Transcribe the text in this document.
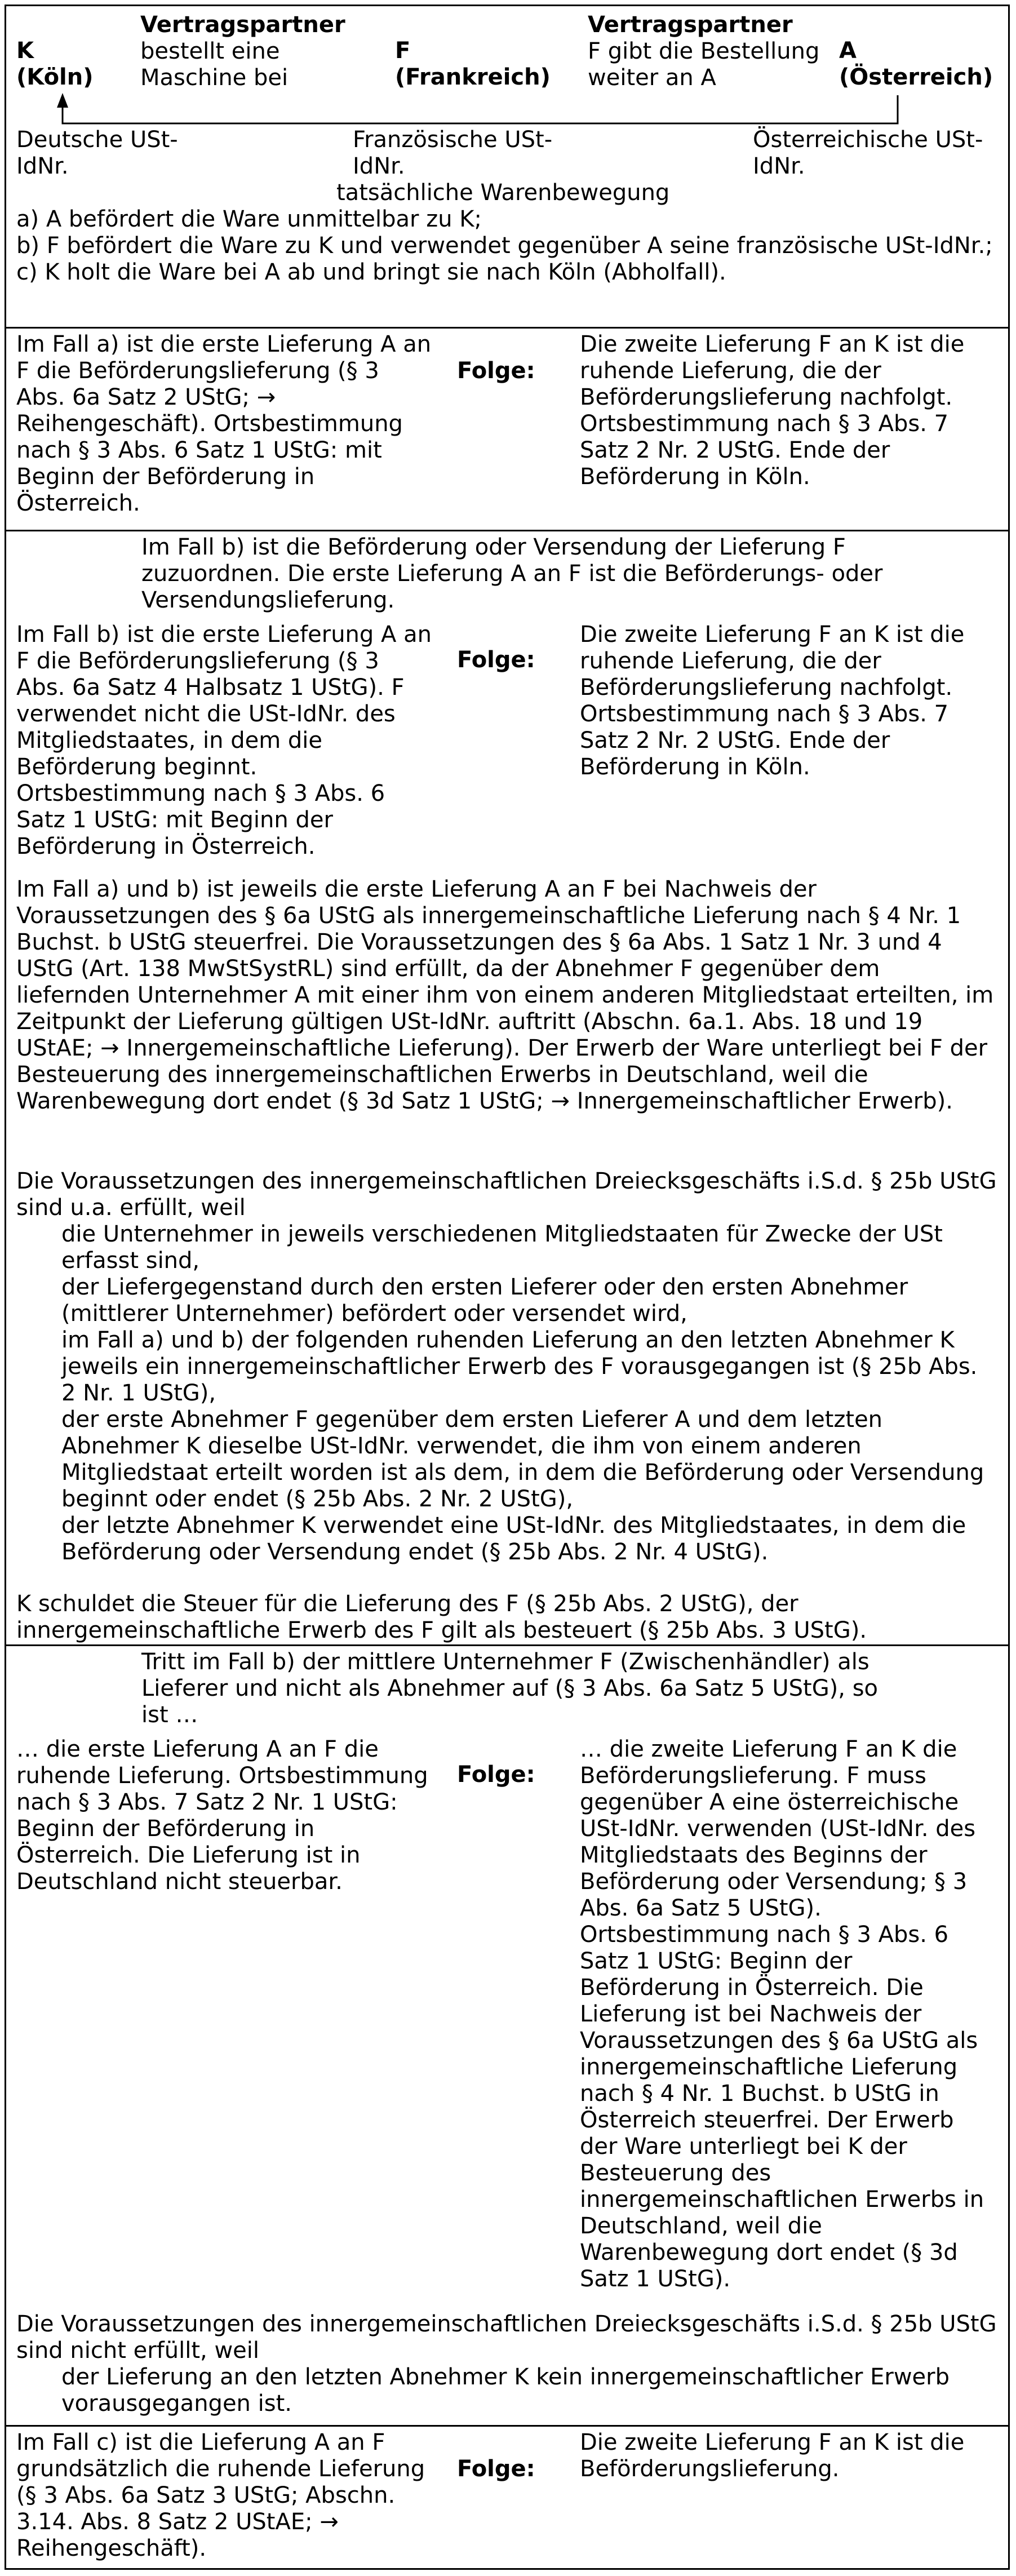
K

(Köln)

Vertragspartner

bestellt eine Maschine bei

F (Frankreich)

Vertragspartner

F gibt die Bestellung weiter an A

A (Österreich)
Deutsche USt-IdNr.
Französische USt-IdNr.
tatsächliche Warenbewegung
Österreichische USt-IdNr.

a) A befördert die Ware unmittelbar zu K;

b) F befördert die Ware zu K und verwendet gegenüber A seine französische USt-IdNr.;

c) K holt die Ware bei A ab und bringt sie nach Köln (Abholfall).

Im Fall a) ist die erste Lieferung A an F die Beförderungslieferung (§ 3 Abs. 6a Satz 2 UStG; → Reihengeschäft). Ortsbestimmung nach § 3 Abs. 6 Satz 1 UStG: mit Beginn der Beförderung in Österreich.
Folge:
Die zweite Lieferung F an K ist die ruhende Lieferung, die der Beförderungslieferung nachfolgt. Ortsbestimmung nach § 3 Abs. 7 Satz 2 Nr. 2 UStG. Ende der Beförderung in Köln.
Im Fall b) ist die Beförderung oder Versendung der Lieferung F zuzuordnen. Die erste Lieferung A an F ist die Beförderungs- oder Versendungslieferung.
Im Fall b) ist die erste Lieferung A an F die Beförderungslieferung (§ 3 Abs. 6a Satz 4 Halbsatz 1 UStG). F verwendet nicht die USt-IdNr. des Mitgliedstaates, in dem die Beförderung beginnt. Ortsbestimmung nach § 3 Abs. 6 Satz 1 UStG: mit Beginn der Beförderung in Österreich.
Folge:
Die zweite Lieferung F an K ist die ruhende Lieferung, die der Beförderungslieferung nachfolgt. Ortsbestimmung nach § 3 Abs. 7 Satz 2 Nr. 2 UStG. Ende der Beförderung in Köln.
Im Fall a) und b) ist jeweils die erste Lieferung A an F bei Nachweis der Voraussetzungen des § 6a UStG als innergemeinschaftliche Lieferung nach § 4 Nr. 1 Buchst. b UStG steuerfrei. Die Voraussetzungen des § 6a Abs. 1 Satz 1 Nr. 3 und 4 UStG (Art. 138 MwStSystRL) sind erfüllt, da der Abnehmer F gegenüber dem liefernden Unternehmer A mit einer ihm von einem anderen Mitgliedstaat erteilten, im Zeitpunkt der Lieferung gültigen USt-IdNr. auftritt (Abschn. 6a.1. Abs. 18 und 19 UStAE; → Innergemeinschaftliche Lieferung). Der Erwerb der Ware unterliegt bei F der Besteuerung des innergemeinschaftlichen Erwerbs in Deutschland, weil die Warenbewegung dort endet (§ 3d Satz 1 UStG; → Innergemeinschaftlicher Erwerb).
Die Voraussetzungen des innergemeinschaftlichen Dreiecksgeschäfts i.S.d. § 25b UStG sind u.a. erfüllt, weil

die Unternehmer in jeweils verschiedenen Mitgliedstaaten für Zwecke der USt erfasst sind,

der Liefergegenstand durch den ersten Lieferer oder den ersten Abnehmer (mittlerer Unternehmer) befördert oder versendet wird,

im Fall a) und b) der folgenden ruhenden Lieferung an den letzten Abnehmer K jeweils ein innergemeinschaftlicher Erwerb des F vorausgegangen ist (§ 25b Abs. 2 Nr. 1 UStG),

der erste Abnehmer F gegenüber dem ersten Lieferer A und dem letzten Abnehmer K dieselbe USt-IdNr. verwendet, die ihm von einem anderen Mitgliedstaat erteilt worden ist als dem, in dem die Beförderung oder Versendung beginnt oder endet (§ 25b Abs. 2 Nr. 2 UStG),

der letzte Abnehmer K verwendet eine USt-IdNr. des Mitgliedstaates, in dem die Beförderung oder Versendung endet (§ 25b Abs. 2 Nr. 4 UStG).

K schuldet die Steuer für die Lieferung des F (§ 25b Abs. 2 UStG), der innergemeinschaftliche Erwerb des F gilt als besteuert (§ 25b Abs. 3 UStG).
Tritt im Fall b) der mittlere Unternehmer F (Zwischenhändler) als Lieferer und nicht als Abnehmer auf (§ 3 Abs. 6a Satz 5 UStG), so ist …
… die erste Lieferung A an F die ruhende Lieferung. Ortsbestimmung nach § 3 Abs. 7 Satz 2 Nr. 1 UStG: Beginn der Beförderung in Österreich. Die Lieferung ist in Deutschland nicht steuerbar.
Folge:
… die zweite Lieferung F an K die Beförderungslieferung. F muss gegenüber A eine österreichische USt-IdNr. verwenden (USt-IdNr. des Mitgliedstaats des Beginns der Beförderung oder Versendung; § 3 Abs. 6a Satz 5 UStG). Ortsbestimmung nach § 3 Abs. 6 Satz 1 UStG: Beginn der Beförderung in Österreich. Die Lieferung ist bei Nachweis der Voraussetzungen des § 6a UStG als innergemeinschaftliche Lieferung nach § 4 Nr. 1 Buchst. b UStG in Österreich steuerfrei. Der Erwerb der Ware unterliegt bei K der Besteuerung des innergemeinschaftlichen Erwerbs in Deutschland, weil die Warenbewegung dort endet (§ 3d Satz 1 UStG).
Die Voraussetzungen des innergemeinschaftlichen Dreiecksgeschäfts i.S.d. § 25b UStG sind nicht erfüllt, weil
der Lieferung an den letzten Abnehmer K kein innergemeinschaftlicher Erwerb vorausgegangen ist.
Im Fall c) ist die Lieferung A an F grundsätzlich die ruhende Lieferung (§ 3 Abs. 6a Satz 3 UStG; Abschn. 3.14. Abs. 8 Satz 2 UStAE; → Reihengeschäft).
Folge:
Die zweite Lieferung F an K ist die Beförderungslieferung.
